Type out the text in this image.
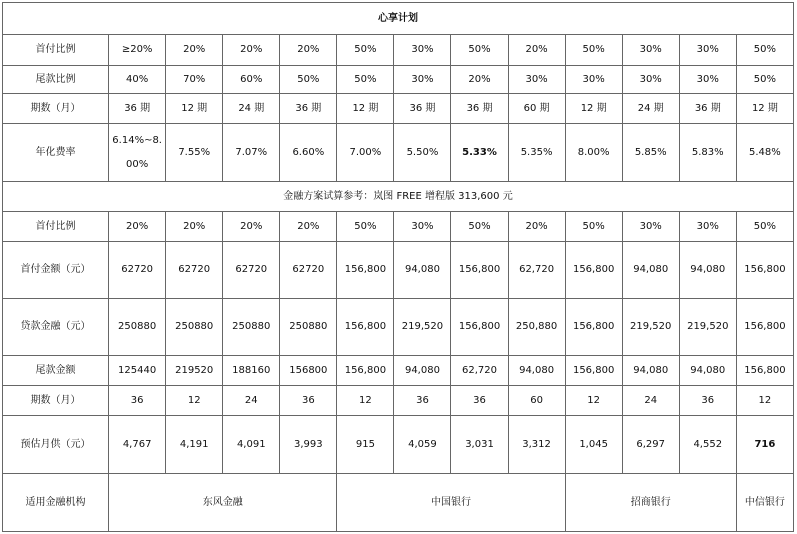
心享计划												
首付比例	≥20%	20%	20%	20%	50%	30%	50%	20%	50%	30%	30%	50%
尾款比例	40%	70%	60%	50%	50%	30%	20%	30%	30%	30%	30%	50%
期数（月）	36 期	12 期	24 期	36 期	12 期	36 期	36 期	60 期	12 期	24 期	36 期	12 期
年化费率	6.14%~8.00%	7.55%	7.07%	6.60%	7.00%	5.50%	5.33%	5.35%	8.00%	5.85%	5.83%	5.48%
金融方案试算参考：岚图 FREE 增程版 313,600 元												
首付比例	20%	20%	20%	20%	50%	30%	50%	20%	50%	30%	30%	50%
首付金额（元）	62720	62720	62720	62720	156,800	94,080	156,800	62,720	156,800	94,080	94,080	156,800
贷款金融（元）	250880	250880	250880	250880	156,800	219,520	156,800	250,880	156,800	219,520	219,520	156,800
尾款金额	125440	219520	188160	156800	156,800	94,080	62,720	94,080	156,800	94,080	94,080	156,800
期数（月）	36	12	24	36	12	36	36	60	12	24	36	12
预估月供（元）	4,767	4,191	4,091	3,993	915	4,059	3,031	3,312	1,045	6,297	4,552	716
适用金融机构	东风金融				中国银行				招商银行			中信银行
